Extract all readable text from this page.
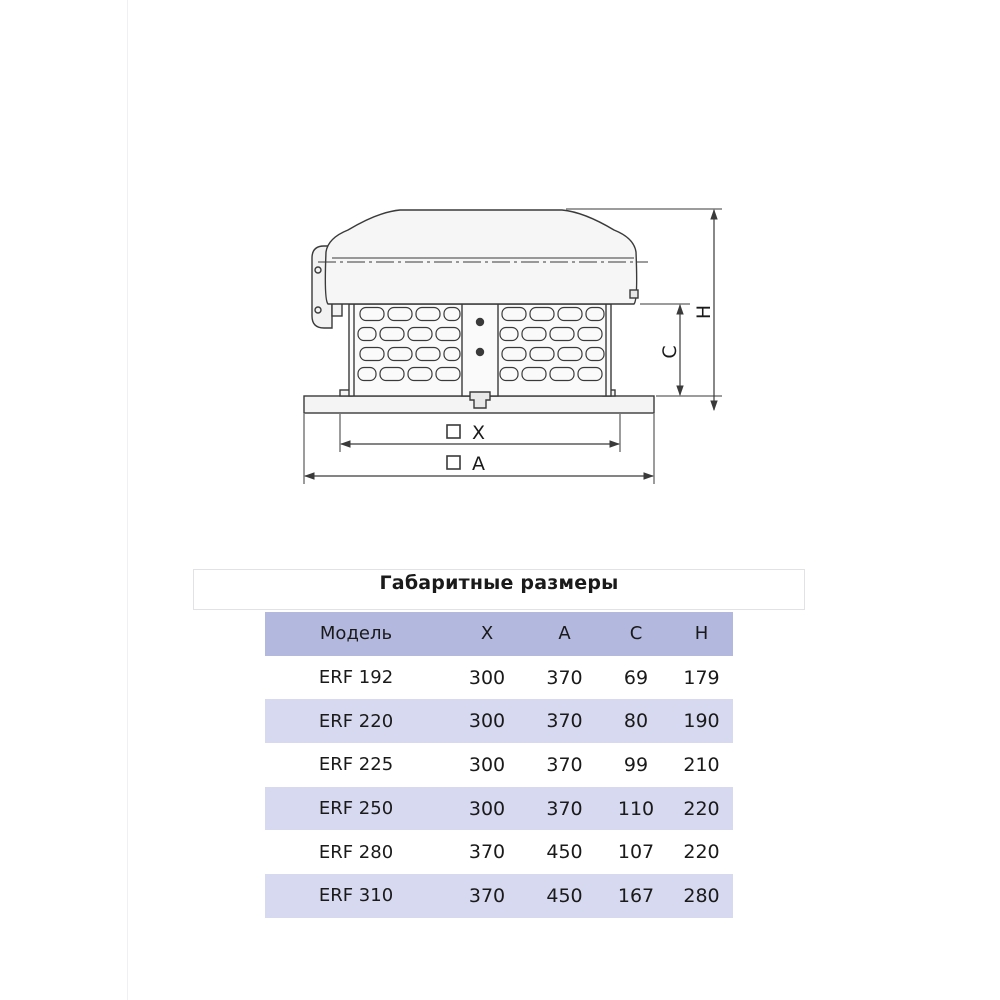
X
A
C
H
Габаритные размеры
Модель	X	A	C	H
ERF 192	300	370	69	179
ERF 220	300	370	80	190
ERF 225	300	370	99	210
ERF 250	300	370	110	220
ERF 280	370	450	107	220
ERF 310	370	450	167	280
